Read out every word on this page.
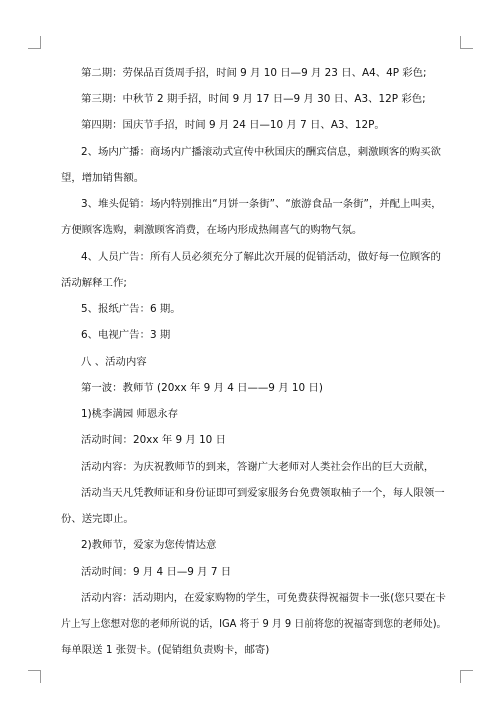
第二期：劳保品百货周手招，时间 9 月 10 日—9 月 23 日、A4、4P 彩色;
第三期：中秋节 2 期手招，时间 9 月 17 日—9 月 30 日、A3、12P 彩色;
第四期：国庆节手招，时间 9 月 24 日—10 月 7 日、A3、12P。
2、场内广播：商场内广播滚动式宣传中秋国庆的酬宾信息，刺激顾客的购买欲
望，增加销售额。
3、堆头促销：场内特别推出“月饼一条街”、“旅游食品一条街”，并配上叫卖，
方便顾客选购，刺激顾客消费，在场内形成热闹喜气的购物气氛。
4、人员广告：所有人员必须充分了解此次开展的促销活动，做好每一位顾客的
活动解释工作;
5、报纸广告：6 期。
6、电视广告：3 期
八 、活动内容
第一波：教师节 (20xx 年 9 月 4 日——9 月 10 日)
1)桃李满园 师恩永存
活动时间：20xx 年 9 月 10 日
活动内容：为庆祝教师节的到来，答谢广大老师对人类社会作出的巨大贡献，
活动当天凡凭教师证和身份证即可到爱家服务台免费领取柚子一个，每人限领一
份、送完即止。
2)教师节，爱家为您传情达意
活动时间：9 月 4 日—9 月 7 日
活动内容：活动期内，在爱家购物的学生，可免费获得祝福贺卡一张(您只要在卡
片上写上您想对您的老师所说的话，IGA 将于 9 月 9 日前将您的祝福寄到您的老师处)。
每单限送 1 张贺卡。(促销组负责购卡，邮寄)
